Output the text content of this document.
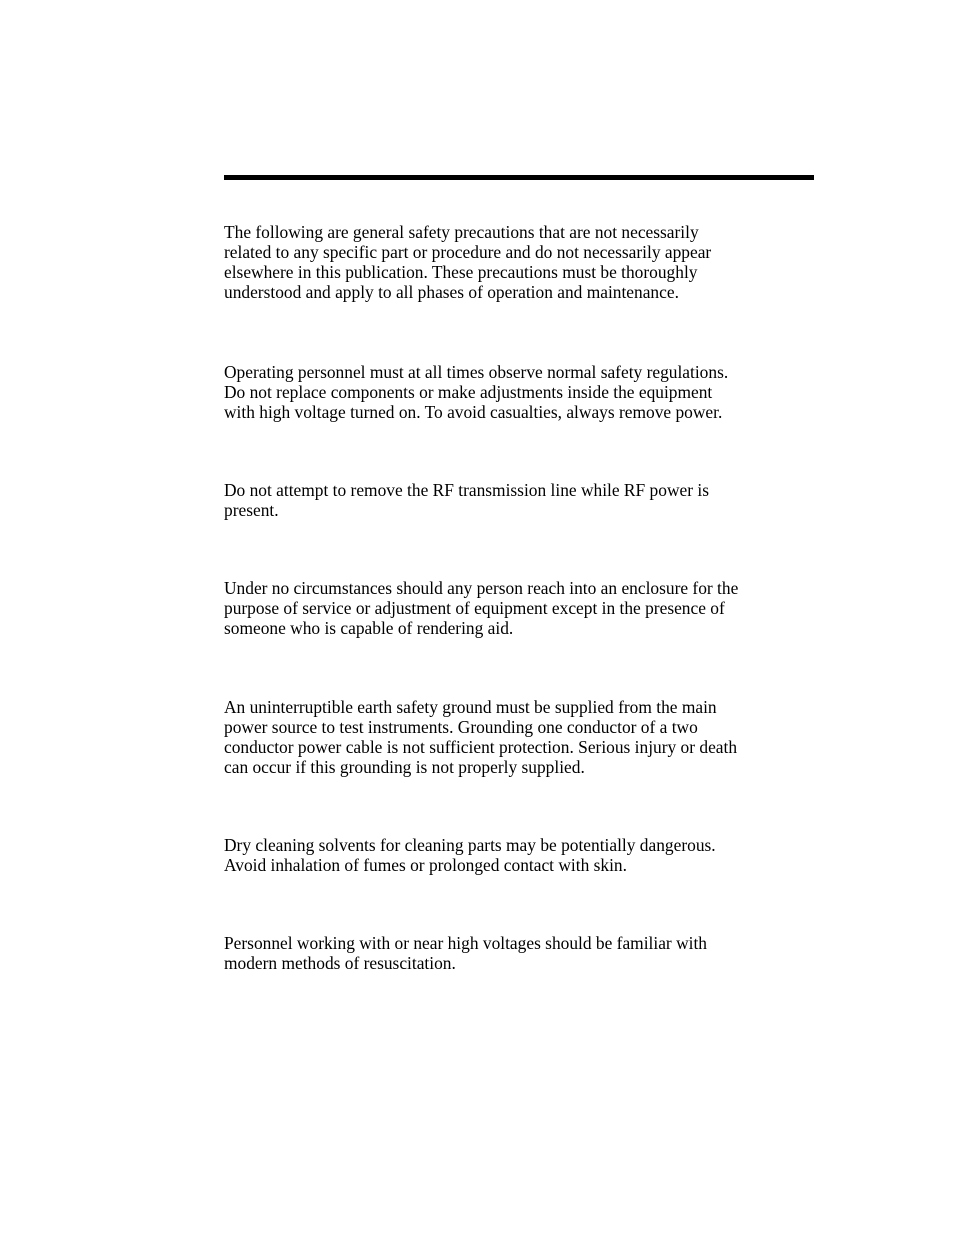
The following are general safety precautions that are not necessarily
related to any specific part or procedure and do not necessarily appear
elsewhere in this publication. These precautions must be thoroughly
understood and apply to all phases of operation and maintenance.

Operating personnel must at all times observe normal safety regulations.
Do not replace components or make adjustments inside the equipment
with high voltage turned on. To avoid casualties, always remove power.

Do not attempt to remove the RF transmission line while RF power is
present.

Under no circumstances should any person reach into an enclosure for the
purpose of service or adjustment of equipment except in the presence of
someone who is capable of rendering aid.

An uninterruptible earth safety ground must be supplied from the main
power source to test instruments. Grounding one conductor of a two
conductor power cable is not sufficient protection. Serious injury or death
can occur if this grounding is not properly supplied.

Dry cleaning solvents for cleaning parts may be potentially dangerous.
Avoid inhalation of fumes or prolonged contact with skin.

Personnel working with or near high voltages should be familiar with
modern methods of resuscitation.
